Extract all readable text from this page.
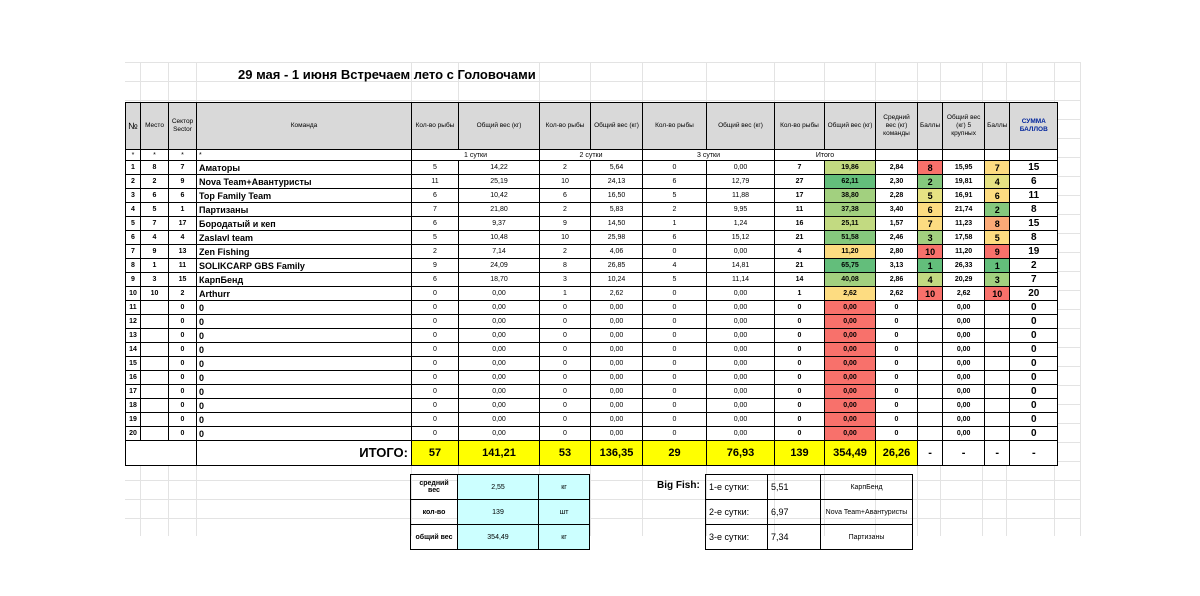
29 мая - 1 июня Встречаем лето с Головочами
№	Место	Сектор Sector	Команда	Кол-во рыбы	Общий вес (кг)	Кол-во рыбы	Общий вес (кг)	Кол-во рыбы	Общий вес (кг)	Кол-во рыбы	Общий вес (кг)	Средний вес (кг) команды	Баллы	Общий вес (кг) 5 крупных	Баллы	СУММА БАЛЛОВ
*	*	*	*	1 сутки		2 сутки		3 сутки		Итого						
1	8	7	Аматоры	5	14,22	2	5,64	0	0,00	7	19,86	2,84	8	15,95	7	15
2	2	9	Nova Team+Авантуристы	11	25,19	10	24,13	6	12,79	27	62,11	2,30	2	19,81	4	6
3	6	6	Top Family Team	6	10,42	6	16,50	5	11,88	17	38,80	2,28	5	16,91	6	11
4	5	1	Партизаны	7	21,80	2	5,83	2	9,95	11	37,38	3,40	6	21,74	2	8
5	7	17	Бородатый и кеп	6	9,37	9	14,50	1	1,24	16	25,11	1,57	7	11,23	8	15
6	4	4	Zaslavl team	5	10,48	10	25,98	6	15,12	21	51,58	2,46	3	17,58	5	8
7	9	13	Zen Fishing	2	7,14	2	4,06	0	0,00	4	11,20	2,80	10	11,20	9	19
8	1	11	SOLIKCARP GBS Family	9	24,09	8	26,85	4	14,81	21	65,75	3,13	1	26,33	1	2
9	3	15	КарпБенд	6	18,70	3	10,24	5	11,14	14	40,08	2,86	4	20,29	3	7
10	10	2	Arthurr	0	0,00	1	2,62	0	0,00	1	2,62	2,62	10	2,62	10	20
11		0	0	0	0,00	0	0,00	0	0,00	0	0,00	0		0,00		0
12		0	0	0	0,00	0	0,00	0	0,00	0	0,00	0		0,00		0
13		0	0	0	0,00	0	0,00	0	0,00	0	0,00	0		0,00		0
14		0	0	0	0,00	0	0,00	0	0,00	0	0,00	0		0,00		0
15		0	0	0	0,00	0	0,00	0	0,00	0	0,00	0		0,00		0
16		0	0	0	0,00	0	0,00	0	0,00	0	0,00	0		0,00		0
17		0	0	0	0,00	0	0,00	0	0,00	0	0,00	0		0,00		0
18		0	0	0	0,00	0	0,00	0	0,00	0	0,00	0		0,00		0
19		0	0	0	0,00	0	0,00	0	0,00	0	0,00	0		0,00		0
20		0	0	0	0,00	0	0,00	0	0,00	0	0,00	0		0,00		0
			ИТОГО:	57	141,21	53	136,35	29	76,93	139	354,49	26,26	-	-	-	-
средний вес	2,55	кг
кол-во	139	шт
общий вес	354,49	кг
Big Fish: 1-е сутки:	5,51	КарпБенд
2-е сутки:	6,97	Nova Team+Авантуристы
3-е сутки:	7,34	Партизаны
